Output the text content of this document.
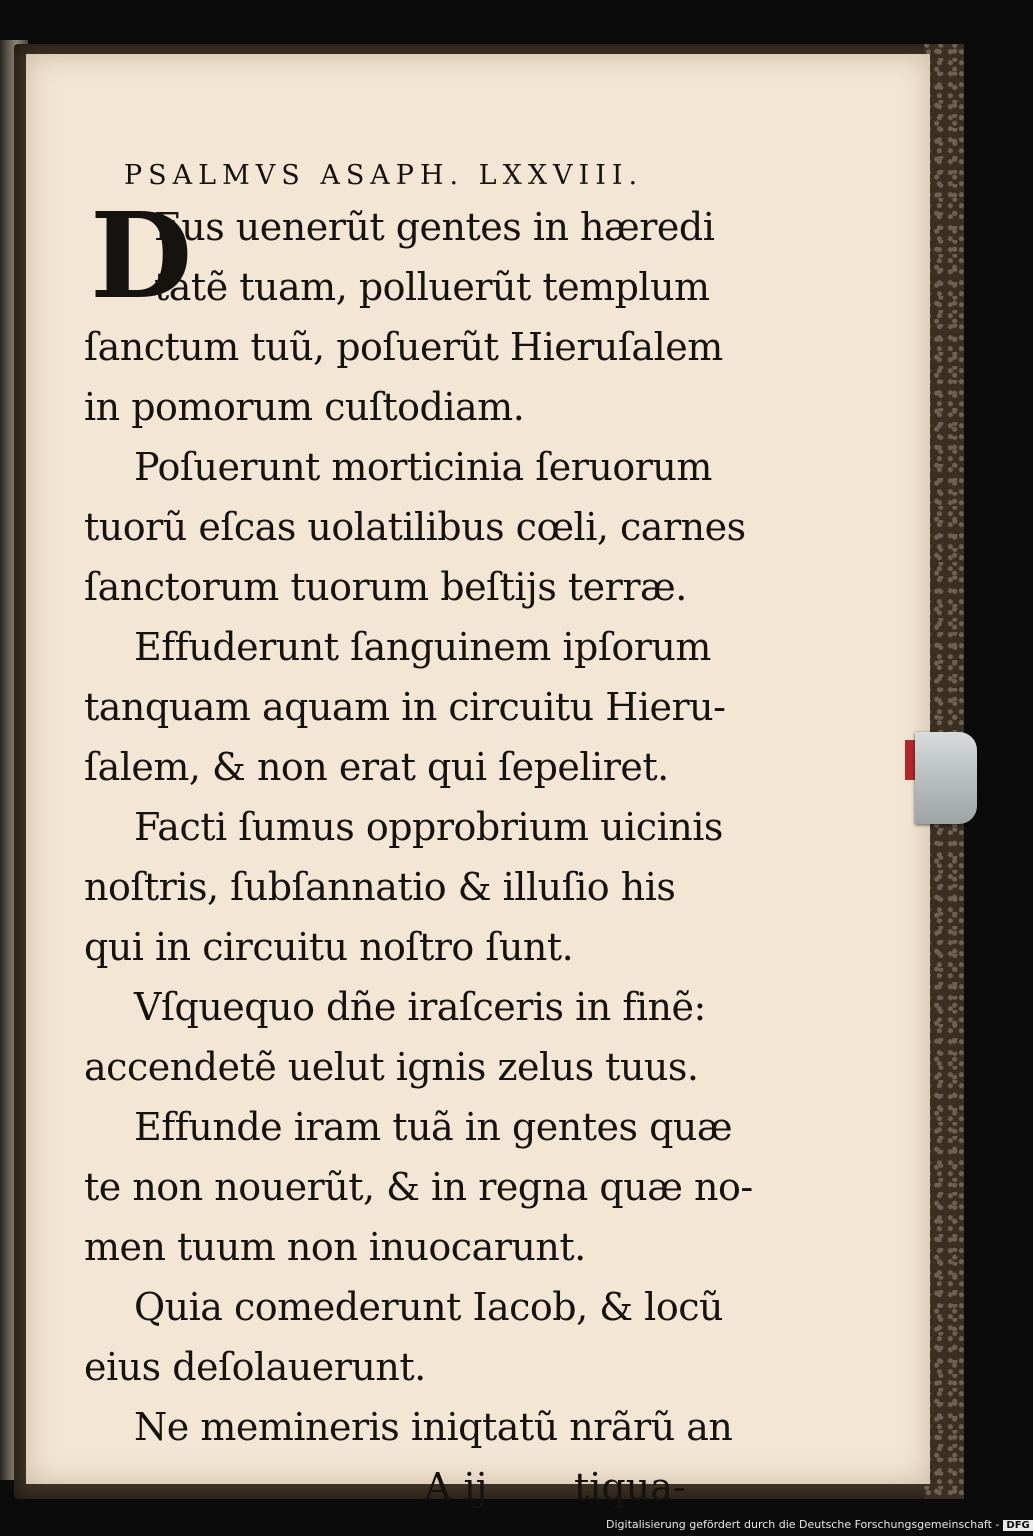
PSALMVS ASAPH. LXXVIII.
D
Eus uenerũt gentes in hæredi
tatẽ tuam, polluerũt templum
ſanctum tuũ, poſuerũt Hieruſalem
in pomorum cuſtodiam.
Poſuerunt morticinia ſeruorum
tuorũ eſcas uolatilibus cœli, carnes
ſanctorum tuorum beſtijs terræ.
Effuderunt ſanguinem ipſorum
tanquam aquam in circuitu Hieru-
ſalem, & non erat qui ſepeliret.
Facti ſumus opprobrium uicinis
noſtris, ſubſannatio & illuſio his
qui in circuitu noſtro ſunt.
Vſquequo dñe iraſceris in finẽ:
accendetẽ uelut ignis zelus tuus.
Effunde iram tuã in gentes quæ
te non nouerũt, & in regna quæ no-
men tuum non inuocarunt.
Quia comederunt Iacob, & locũ
eius deſolauerunt.
Ne memineris iniqtatũ nrãrũ an
A ij tiqua-
Digitalisierung gefördert durch die Deutsche Forschungsgemeinschaft - DFG
